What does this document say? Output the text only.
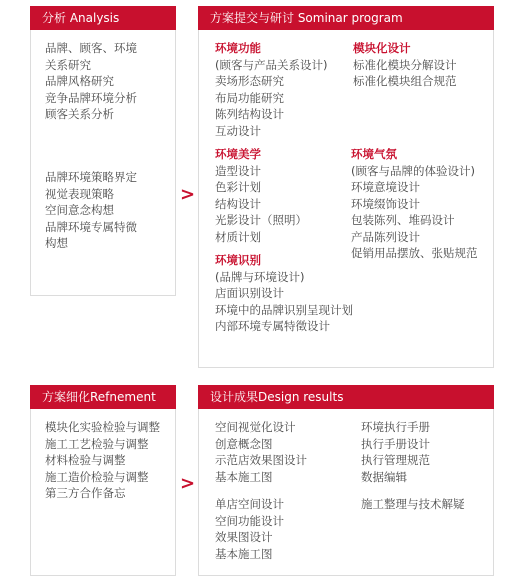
分析 Analysis
品牌、顾客、环境
关系研究
品牌风格研究
竞争品牌环境分析
顾客关系分析
品牌环境策略界定
视觉表现策略
空间意念构想
品牌环境专属特微
构想
>
方案提交与研讨 Sominar program
环境功能
(顾客与产品关系设计)
卖场形态研究
布局功能研究
陈列结构设计
互动设计
模块化设计
标准化模块分解设计
标准化模块组合规范
环境美学
造型设计
色彩计划
结构设计
光影设计（照明）
材质计划
环境气氛
(顾客与品牌的体验设计)
环境意境设计
环境缀饰设计
包装陈列、堆码设计
产品陈列设计
促销用品摆放、张贴规范
环境识别
(品牌与环境设计)
店面识别设计
环境中的品牌识别呈现计划
内部环境专属特徵设计
方案细化Refnement
模块化实验检验与调整
施工工艺检验与调整
材料检验与调整
施工造价检验与调整
第三方合作备忘	>
设计成果Design results
空间视觉化设计
创意概念图
示范店效果图设计
基本施工图
环境执行手册
执行手册设计
执行管理规范
数据编辑
单店空间设计
空间功能设计
效果图设计
基本施工图
施工整理与技术解疑
